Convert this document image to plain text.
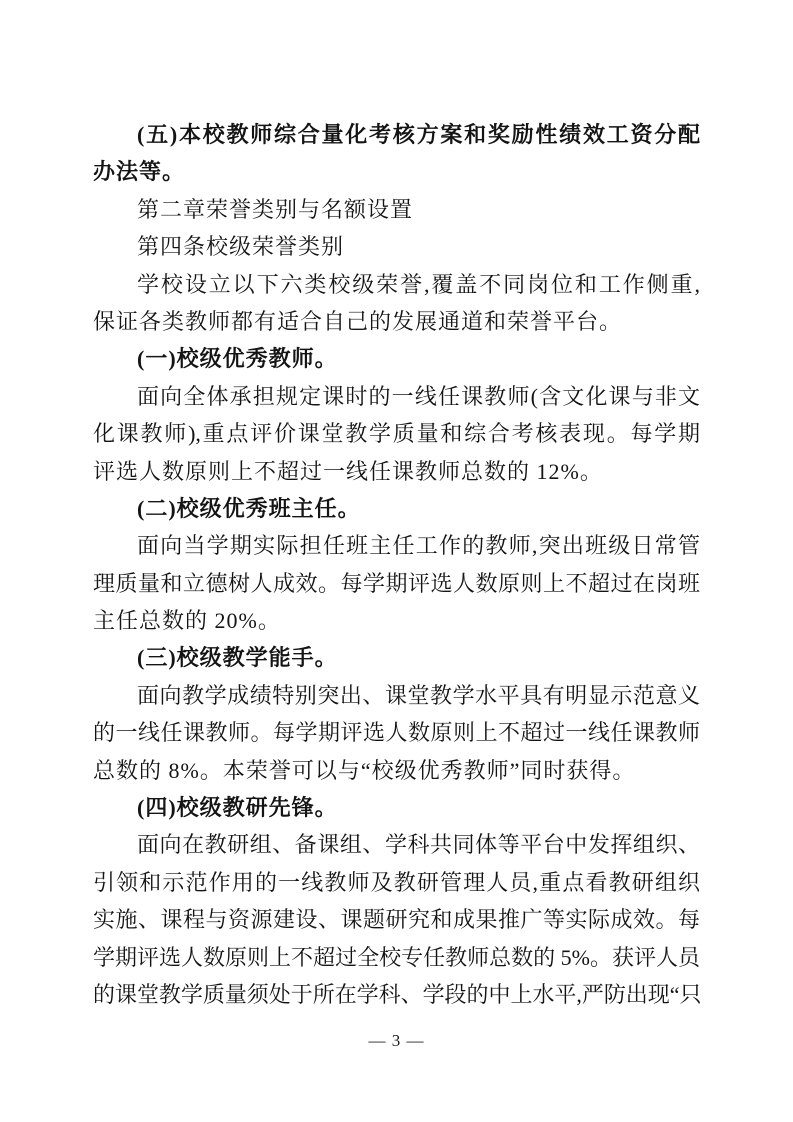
(五)本校教师综合量化考核方案和奖励性绩效工资分配
办法等。
第二章荣誉类别与名额设置
第四条校级荣誉类别
学校设立以下六类校级荣誉,覆盖不同岗位和工作侧重,
保证各类教师都有适合自己的发展通道和荣誉平台。
(一)校级优秀教师。
面向全体承担规定课时的一线任课教师(含文化课与非文
化课教师),重点评价课堂教学质量和综合考核表现。每学期
评选人数原则上不超过一线任课教师总数的 12%。
(二)校级优秀班主任。
面向当学期实际担任班主任工作的教师,突出班级日常管
理质量和立德树人成效。每学期评选人数原则上不超过在岗班
主任总数的 20%。
(三)校级教学能手。
面向教学成绩特别突出、课堂教学水平具有明显示范意义
的一线任课教师。每学期评选人数原则上不超过一线任课教师
总数的 8%。本荣誉可以与“校级优秀教师”同时获得。
(四)校级教研先锋。
面向在教研组、备课组、学科共同体等平台中发挥组织、
引领和示范作用的一线教师及教研管理人员,重点看教研组织
实施、课程与资源建设、课题研究和成果推广等实际成效。每
学期评选人数原则上不超过全校专任教师总数的 5%。获评人员
的课堂教学质量须处于所在学科、学段的中上水平,严防出现“只
— 3 —
